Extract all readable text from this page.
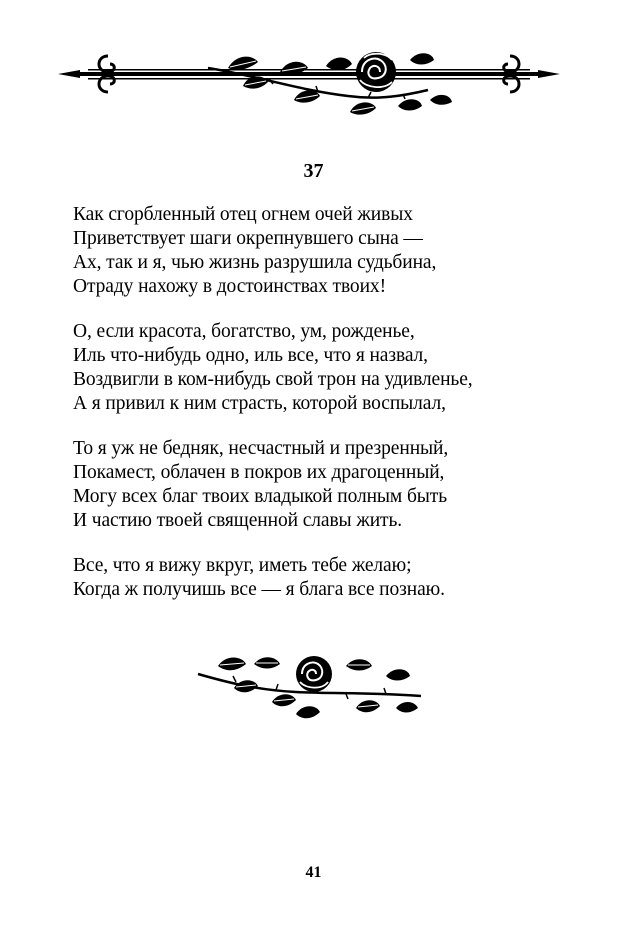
37
Как сгорбленный отец огнем очей живых
Приветствует шаги окрепнувшего сына —
Ах, так и я, чью жизнь разрушила судьбина,
Отраду нахожу в достоинствах твоих!
О, если красота, богатство, ум, рожденье,
Иль что-нибудь одно, иль все, что я назвал,
Воздвигли в ком-нибудь свой трон на удивленье,
А я привил к ним страсть, которой воспылал,
То я уж не бедняк, несчастный и презренный,
Покамест, облачен в покров их драгоценный,
Могу всех благ твоих владыкой полным быть
И частию твоей священной славы жить.
Все, что я вижу вкруг, иметь тебе желаю;
Когда ж получишь все — я блага все познаю.
41
